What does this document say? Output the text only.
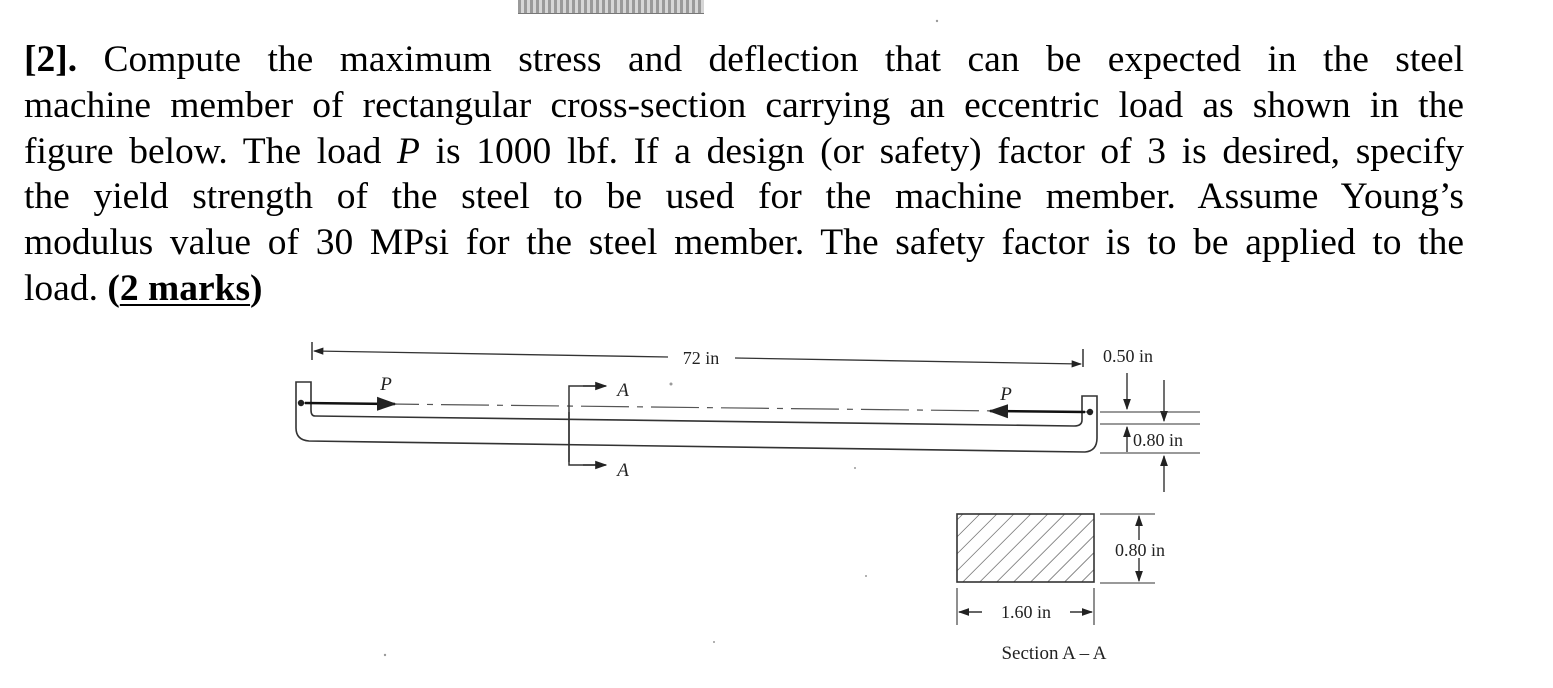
[2]. Compute the maximum stress and deflection that can be expected in the steel
machine member of rectangular cross-section carrying an eccentric load as shown in the
figure below. The load P is 1000 lbf. If a design (or safety) factor of 3 is desired, specify
the yield strength of the steel to be used for the machine member. Assume Young’s
modulus value of 30 MPsi for the steel member. The safety factor is to be applied to the
load. (2 marks)
72 in
P	P
A
A
0.50 in
0.80 in
0.80 in
1.60 in
Section A – A
